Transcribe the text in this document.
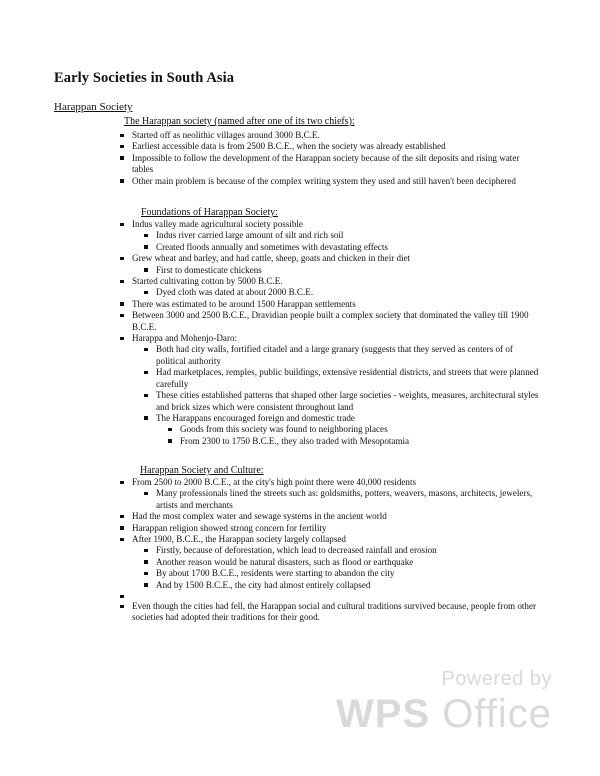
Early Societies in South Asia
Harappan Society
The Harappan society (named after one of its two chiefs):
Started off as neolithic villages around 3000 B.C.E.
Earliest accessible data is from 2500 B.C.E., when the society was already established
Impossible to follow the development of the Harappan society because of the silt deposits and rising water tables
Other main problem is because of the complex writing system they used and still haven't been deciphered
Foundations of Harappan Society:
Indus valley made agricultural society possible
Indus river carried large amount of silt and rich soil
Created floods annually and sometimes with devastating effects
Grew wheat and barley, and had cattle, sheep, goats and chicken in their diet
First to domesticate chickens
Started cultivating cotton by 5000 B.C.E.
Dyed cloth was dated at about 2000 B.C.E.
There was estimated to be around 1500 Harappan settlements
Between 3000 and 2500 B.C.E., Dravidian people built a complex society that dominated the valley till 1900 B.C.E.
Harappa and Mohenjo-Daro:
Both had city walls, fortified citadel and a large granary (suggests that they served as centers of of political authority
Had marketplaces, remples, public buildings, extensive residential districts, and streets that were planned carefully
These cities established patterns that shaped other large societies - weights, measures, architectural styles and brick sizes which were consistent throughout land
The Harappans encouraged foreign and domestic trade
Goods from this society was found to neighboring places
From 2300 to 1750 B.C.E., they also traded with Mesopotamia
Harappan Society and Culture:
From 2500 to 2000 B.C.E., at the city's high point there were 40,000 residents
Many professionals lined the streets such as: goldsmiths, potters, weavers, masons, architects, jewelers, artists and merchants
Had the most complex water and sewage systems in the ancient world
Harappan religion showed strong concern for fertility
After 1900, B.C.E., the Harappan society largely collapsed
Firstly, because of deforestation, which lead to decreased rainfall and erosion
Another reason would be natural disasters, such as flood or earthquake
By about 1700 B.C.E., residents were starting to abandon the city
And by 1500 B.C.E., the city had almost entirely collapsed
Even though the cities had fell, the Harappan social and cultural traditions survived because, people from other societies had adopted their traditions for their good.
Powered by
WPS Office
